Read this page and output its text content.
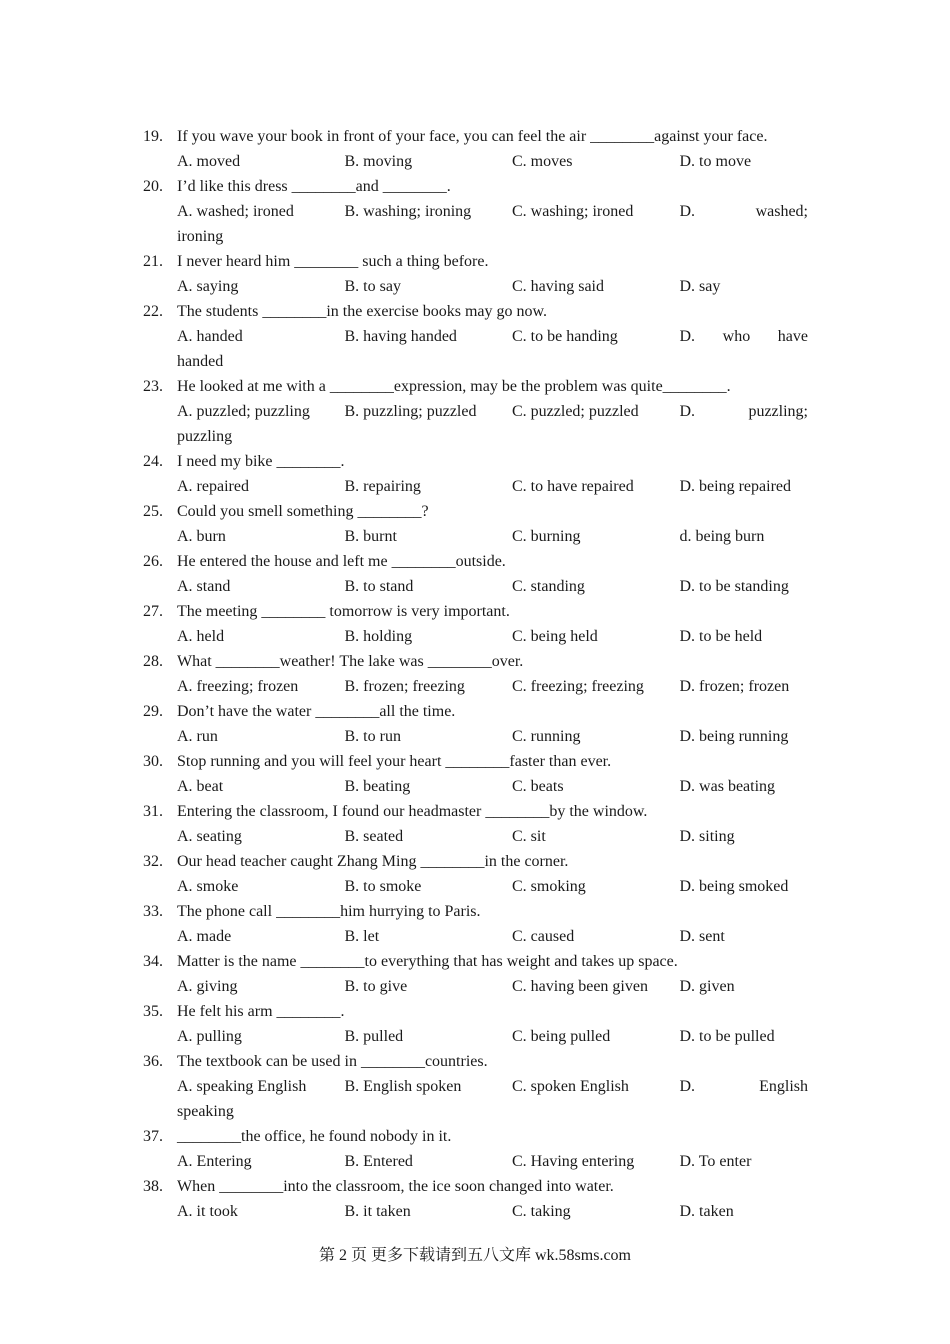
19. If you wave your book in front of your face, you can feel the air ________against your face.
A. moved	B. moving	C. moves	D. to move
20. I’d like this dress ________and ________.
A. washed; ironed	B. washing; ironing	C. washing; ironed	D.	washed;
ironing
21. I never heard him ________ such a thing before.
A. saying	B. to say	C. having said	D. say
22. The students ________in the exercise books may go now.
A. handed	B. having handed	C. to be handing	D. who have
handed
23. He looked at me with a ________expression, may be the problem was quite________.
A. puzzled; puzzling	B. puzzling; puzzled	C. puzzled; puzzled	D.	puzzling;
puzzling
24. I need my bike ________.
A. repaired	B. repairing	C. to have repaired	D. being repaired
25. Could you smell something ________?
A. burn	B. burnt	C. burning	d. being burn
26. He entered the house and left me ________outside.
A. stand	B. to stand	C. standing	D. to be standing
27. The meeting ________ tomorrow is very important.
A. held	B. holding	C. being held	D. to be held
28. What ________weather! The lake was ________over.
A. freezing; frozen	B. frozen; freezing	C. freezing; freezing	D. frozen; frozen
29. Don’t have the water ________all the time.
A. run	B. to run	C. running	D. being running
30. Stop running and you will feel your heart ________faster than ever.
A. beat	B. beating	C. beats	D. was beating
31. Entering the classroom, I found our headmaster ________by the window.
A. seating	B. seated	C. sit	D. siting
32. Our head teacher caught Zhang Ming ________in the corner.
A. smoke	B. to smoke	C. smoking	D. being smoked
33. The phone call ________him hurrying to Paris.
A. made	B. let	C. caused	D. sent
34. Matter is the name ________to everything that has weight and takes up space.
A. giving	B. to give	C. having been given	D. given
35. He felt his arm ________.
A. pulling	B. pulled	C. being pulled	D. to be pulled
36. The textbook can be used in ________countries.
A. speaking English	B. English spoken	C. spoken English	D.	English
speaking
37. ________the office, he found nobody in it.
A. Entering	B. Entered	C. Having entering	D. To enter
38. When ________into the classroom, the ice soon changed into water.
A. it took	B. it taken	C. taking	D. taken
第 2 页 更多下载请到五八文库 wk.58sms.com
